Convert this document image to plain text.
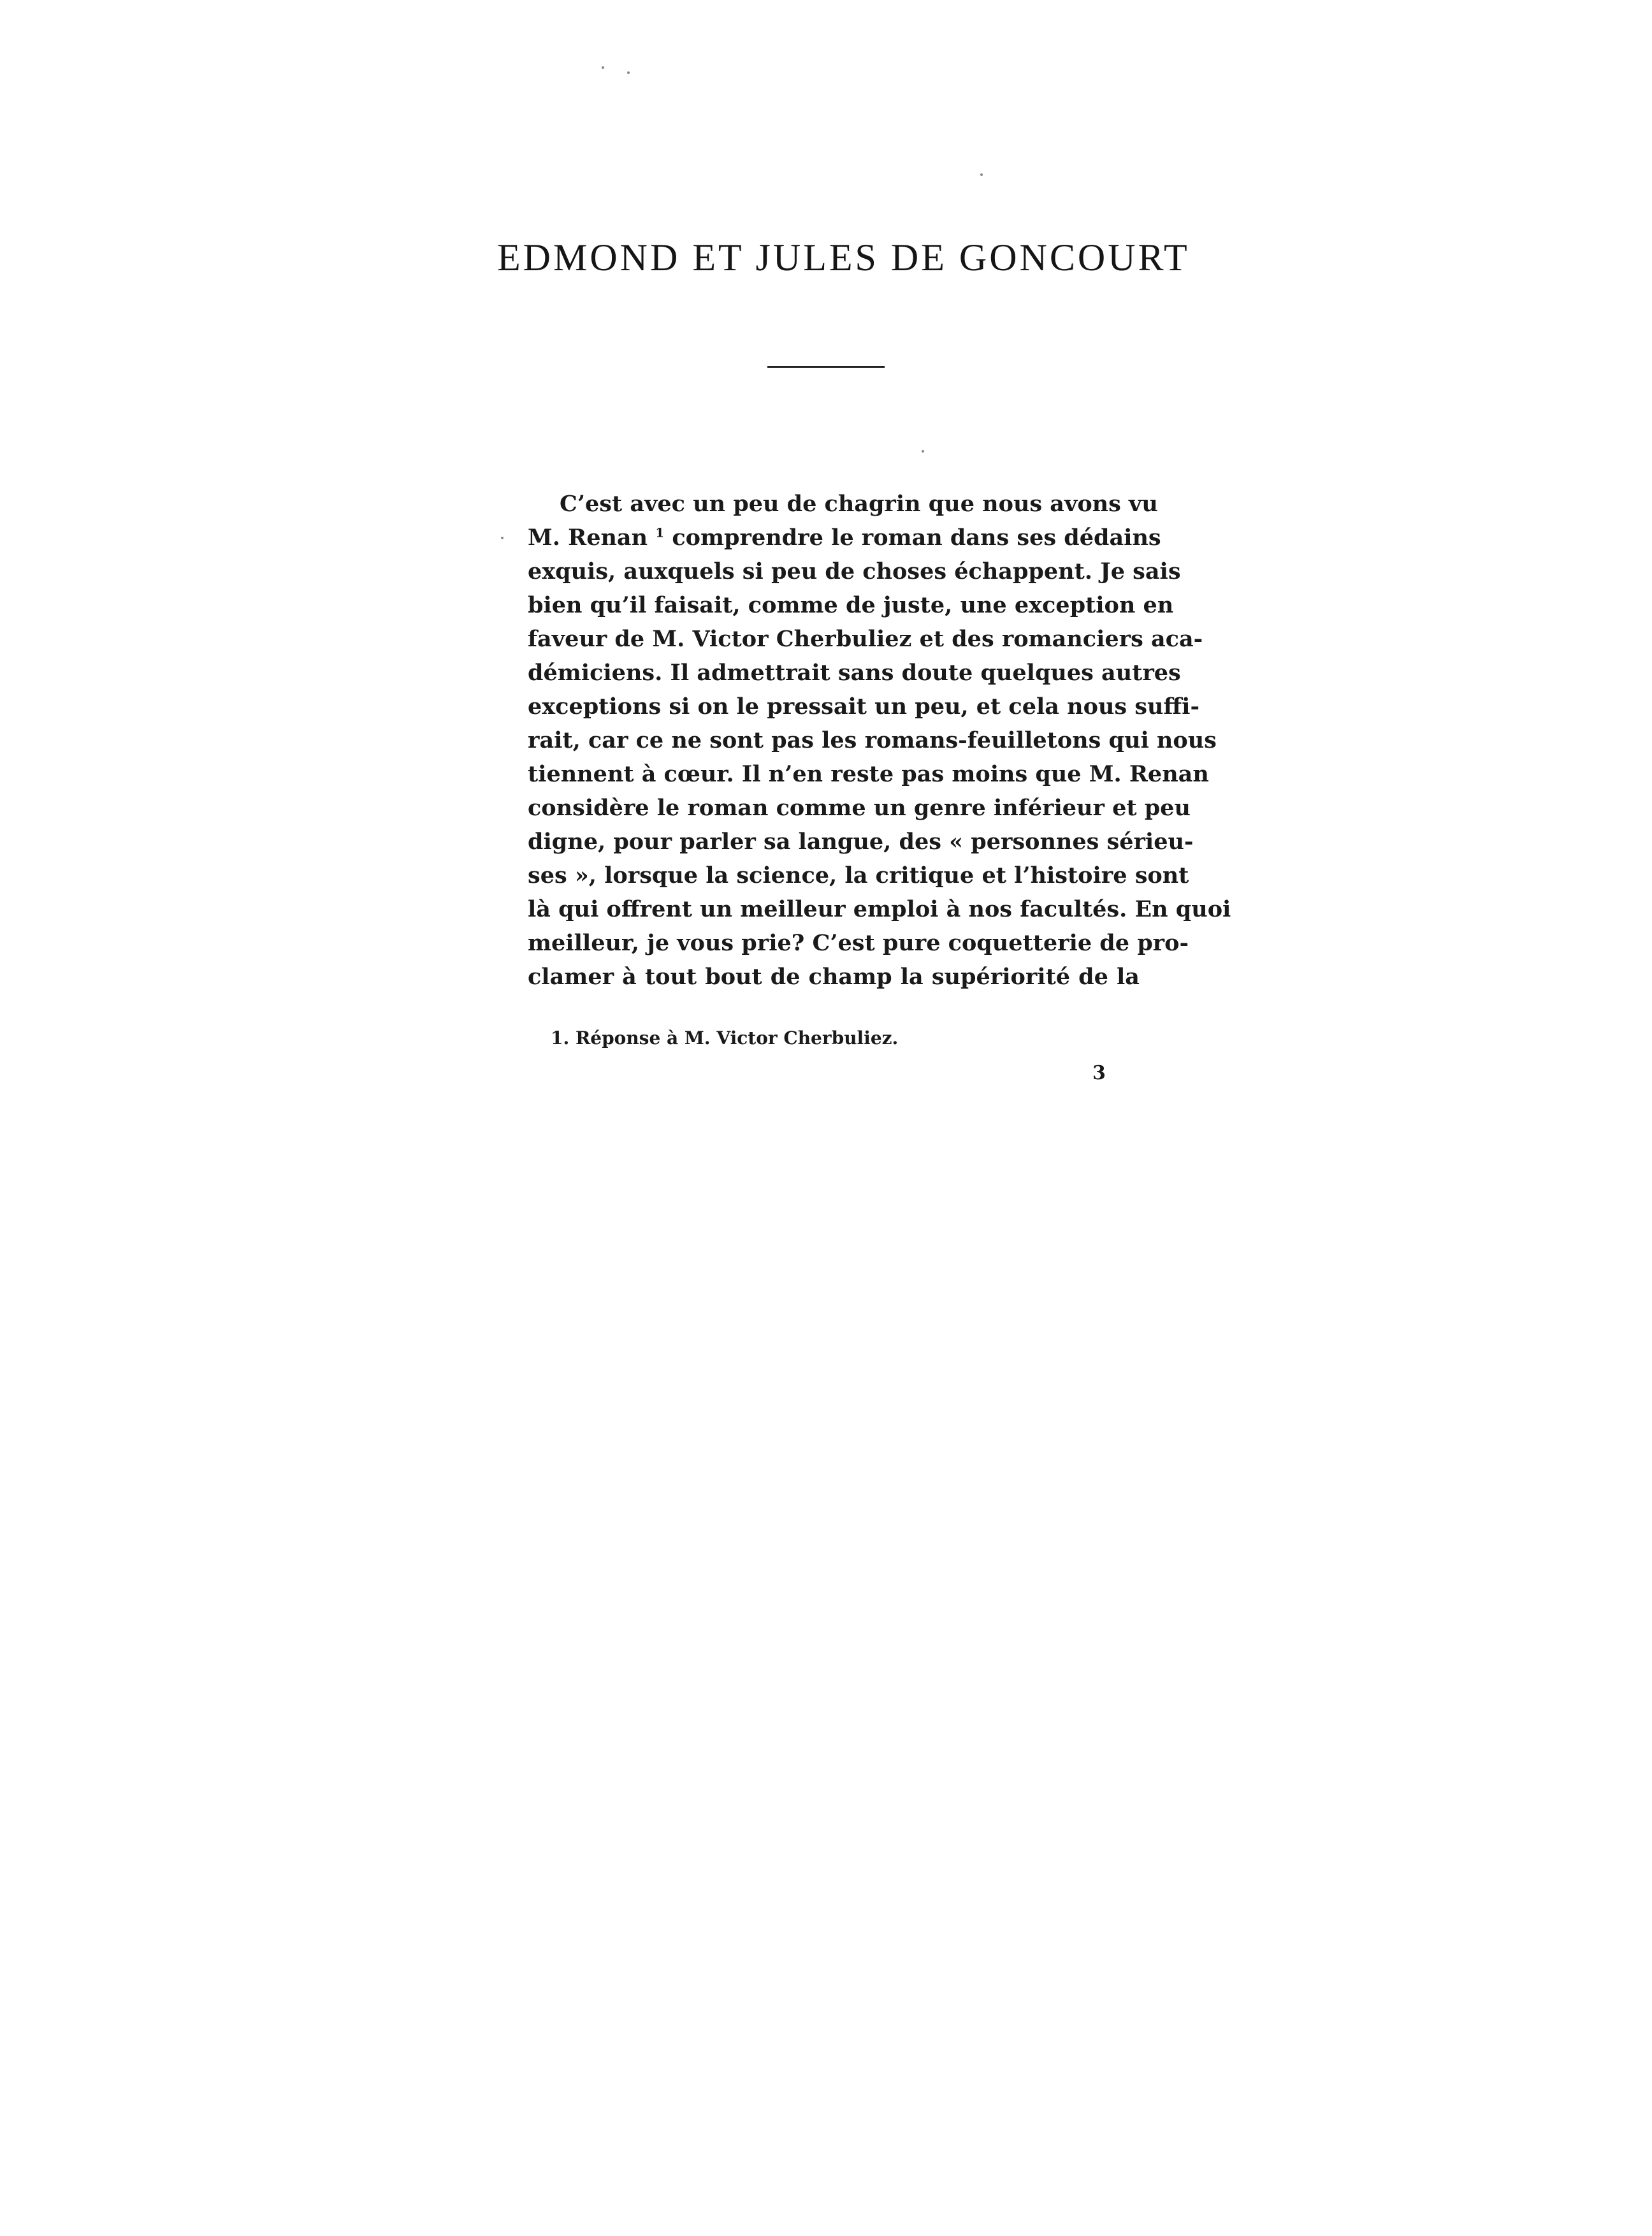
EDMOND ET JULES DE GONCOURT
C’est avec un peu de chagrin que nous avons vu
M. Renan $^1$ comprendre le roman dans ses dédains
exquis, auxquels si peu de choses échappent. Je sais
bien qu’il faisait, comme de juste, une exception en
faveur de M. Victor Cherbuliez et des romanciers aca-
démiciens. Il admettrait sans doute quelques autres
exceptions si on le pressait un peu, et cela nous suffi-
rait, car ce ne sont pas les romans-feuilletons qui nous
tiennent à cœur. Il n’en reste pas moins que M. Renan
considère le roman comme un genre inférieur et peu
digne, pour parler sa langue, des « personnes sérieu-
ses », lorsque la science, la critique et l’histoire sont
là qui offrent un meilleur emploi à nos facultés. En quoi
meilleur, je vous prie? C’est pure coquetterie de pro-
clamer à tout bout de champ la supériorité de la
1. Réponse à M. Victor Cherbuliez.
3
